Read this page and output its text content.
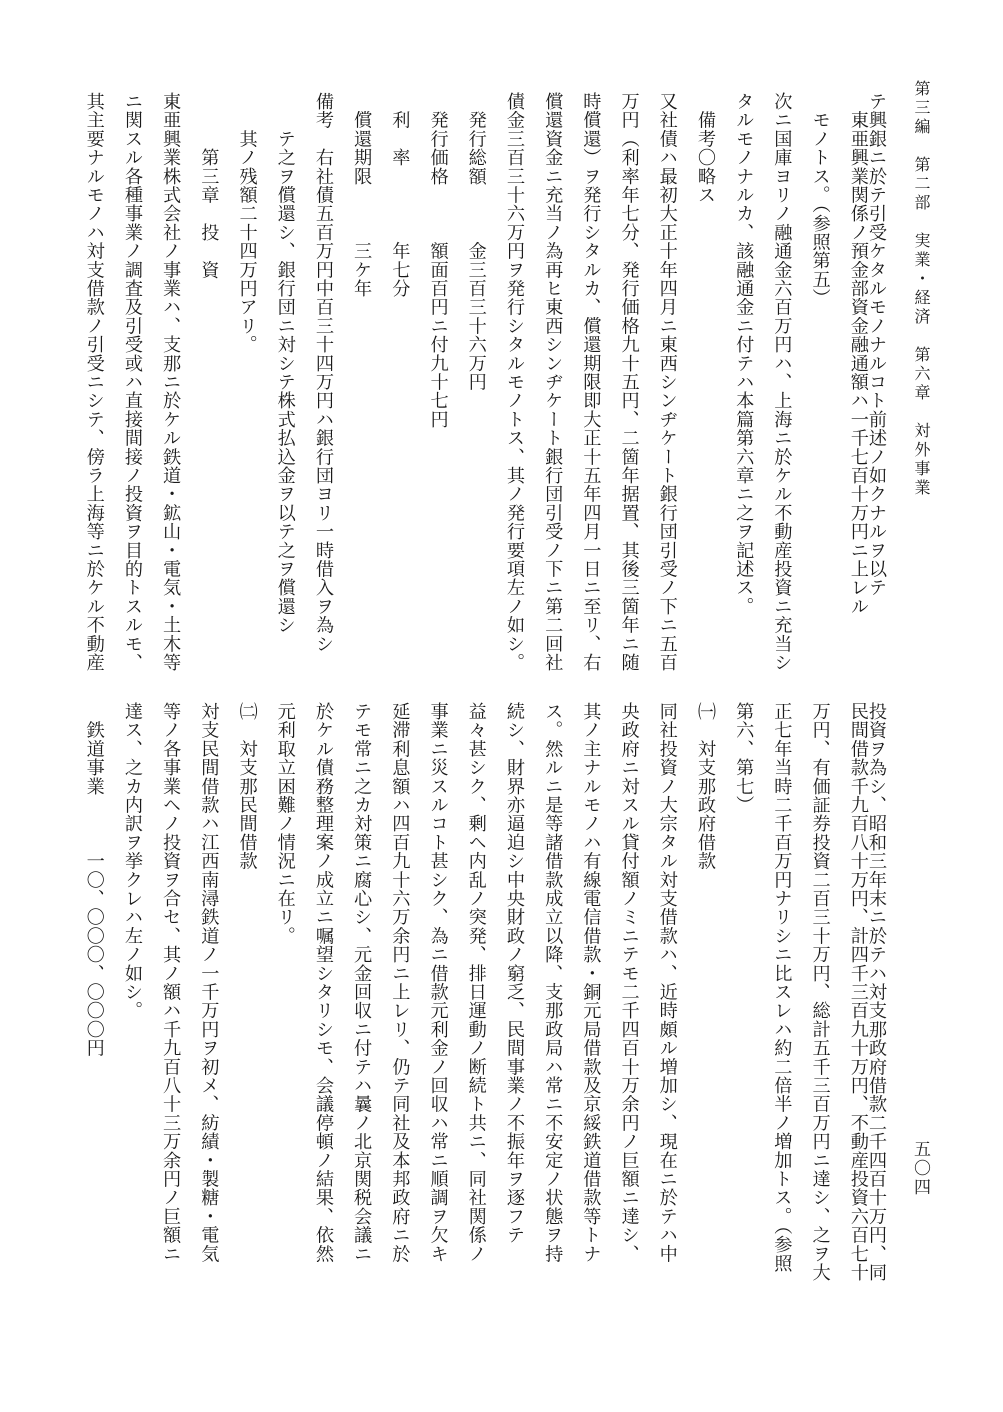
第三編　第二部　実業・経済　第六章　対外事業
テ興銀ニ於テ引受ケタルモノナルコト前述ノ如クナルヲ以テ
　東亜興業関係ノ預金部資金融通額ハ一千七百十万円ニ上レル
　モノトス。（参照第五）
次ニ国庫ヨリノ融通金六百万円ハ、上海ニ於ケル不動産投資ニ充当シ
タルモノナルカ、該融通金ニ付テハ本篇第六章ニ之ヲ記述ス。
　備考〇略ス
又社債ハ最初大正十年四月ニ東西シンヂケート銀行団引受ノ下ニ五百
万円（利率年七分、発行価格九十五円、二箇年据置、其後三箇年ニ随
時償還）ヲ発行シタルカ、償還期限即大正十五年四月一日ニ至リ、右
償還資金ニ充当ノ為再ヒ東西シンヂケート銀行団引受ノ下ニ第二回社
債金三百三十六万円ヲ発行シタルモノトス、其ノ発行要項左ノ如シ。
　発行総額　　　金三百三十六万円
　発行価格　　　額面百円ニ付九十七円
　利　率　　　　年七分
　償還期限　　　三ケ年
備考　右社債五百万円中百三十四万円ハ銀行団ヨリ一時借入ヲ為シ
　　テ之ヲ償還シ、銀行団ニ対シテ株式払込金ヲ以テ之ヲ償還シ
　　其ノ残額二十四万円アリ。
　　　第三章　投　資
東亜興業株式会社ノ事業ハ、支那ニ於ケル鉄道・鉱山・電気・土木等
ニ関スル各種事業ノ調査及引受或ハ直接間接ノ投資ヲ目的トスルモ、
其主要ナルモノハ対支借款ノ引受ニシテ、傍ラ上海等ニ於ケル不動産
五〇四
投資ヲ為シ、昭和三年末ニ於テハ対支那政府借款二千四百十万円、同
民間借款千九百八十万円、計四千三百九十万円、不動産投資六百七十
万円、有価証券投資二百三十万円、総計五千三百万円ニ達シ、之ヲ大
正七年当時二千百万円ナリシニ比スレハ約二倍半ノ増加トス。（参照
第六、第七）
㈠　対支那政府借款
同社投資ノ大宗タル対支借款ハ、近時頗ル増加シ、現在ニ於テハ中
央政府ニ対スル貸付額ノミニテモ二千四百十万余円ノ巨額ニ達シ、
其ノ主ナルモノハ有線電信借款・銅元局借款及京綏鉄道借款等トナ
ス。然ルニ是等諸借款成立以降、支那政局ハ常ニ不安定ノ状態ヲ持
続シ、財界亦逼迫シ中央財政ノ窮乏、民間事業ノ不振年ヲ逐フテ
益々甚シク、剰ヘ内乱ノ突発、排日運動ノ断続ト共ニ、同社関係ノ
事業ニ災スルコト甚シク、為ニ借款元利金ノ回収ハ常ニ順調ヲ欠キ
延滞利息額ハ四百九十六万余円ニ上レリ、仍テ同社及本邦政府ニ於
テモ常ニ之カ対策ニ腐心シ、元金回収ニ付テハ曩ノ北京関税会議ニ
於ケル債務整理案ノ成立ニ嘱望シタリシモ、会議停頓ノ結果、依然
元利取立困難ノ情況ニ在リ。
㈡　対支那民間借款
対支民間借款ハ江西南潯鉄道ノ一千万円ヲ初メ、紡績・製糖・電気
等ノ各事業ヘノ投資ヲ合セ、其ノ額ハ千九百八十三万余円ノ巨額ニ
達ス、之カ内訳ヲ挙クレハ左ノ如シ。
　鉄道事業　　　一〇、〇〇〇、〇〇〇円
